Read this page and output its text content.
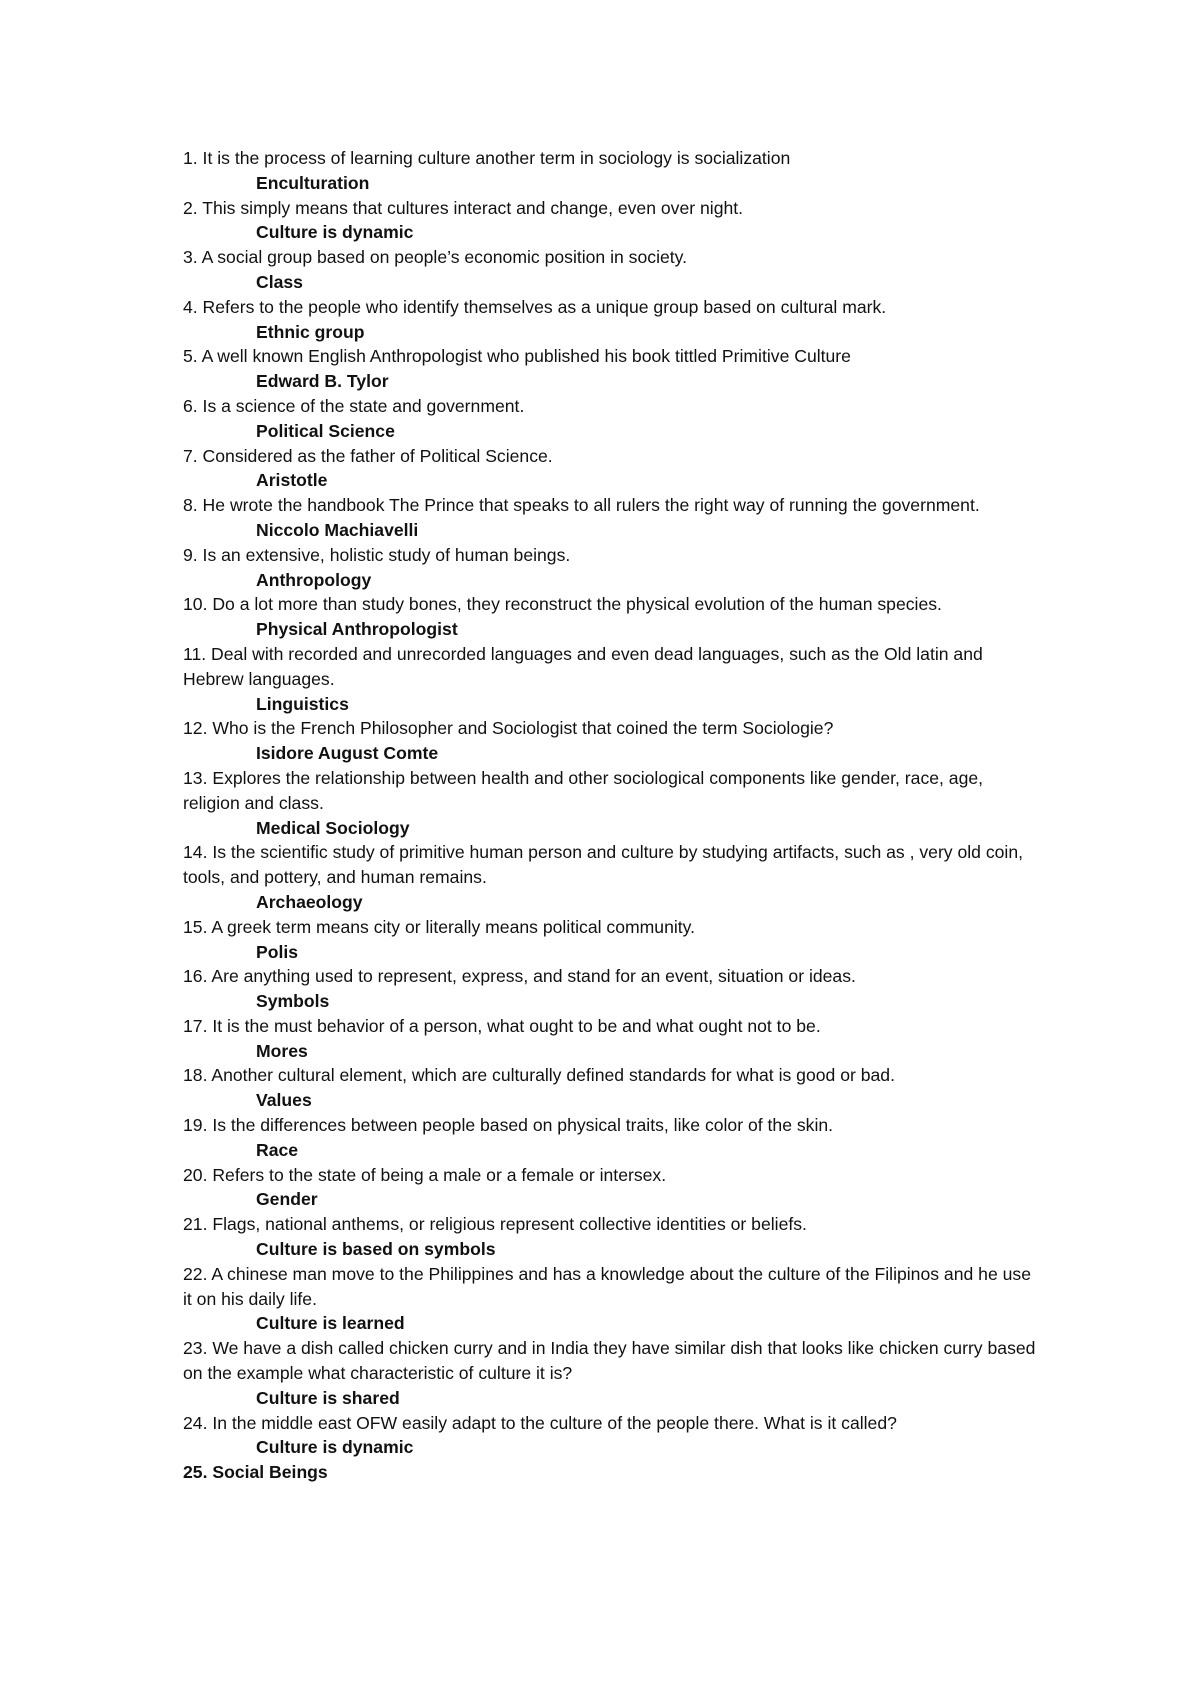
1. It is the process of learning culture another term in sociology is socialization

Enculturation

2. This simply means that cultures interact and change, even over night.

Culture is dynamic

3. A social group based on people’s economic position in society.

Class

4. Refers to the people who identify themselves as a unique group based on cultural mark.

Ethnic group

5. A well known English Anthropologist who published his book tittled Primitive Culture

Edward B. Tylor

6. Is a science of the state and government.

Political Science

7. Considered as the father of Political Science.

Aristotle

8. He wrote the handbook The Prince that speaks to all rulers the right way of running the government.

Niccolo Machiavelli

9. Is an extensive, holistic study of human beings.

Anthropology

10. Do a lot more than study bones, they reconstruct the physical evolution of the human species.

Physical Anthropologist

11. Deal with recorded and unrecorded languages and even dead languages, such as the Old latin and Hebrew languages.

Linguistics

12. Who is the French Philosopher and Sociologist that coined the term Sociologie?

Isidore August Comte

13. Explores the relationship between health and other sociological components like gender, race, age, religion and class.

Medical Sociology

14. Is the scientific study of primitive human person and culture by studying artifacts, such as , very old coin, tools, and pottery, and human remains.

Archaeology

15. A greek term means city or literally means political community.

Polis

16. Are anything used to represent, express, and stand for an event, situation or ideas.

Symbols

17. It is the must behavior of a person, what ought to be and what ought not to be.

Mores

18. Another cultural element, which are culturally defined standards for what is good or bad.

Values

19. Is the differences between people based on physical traits, like color of the skin.

Race

20. Refers to the state of being a male or a female or intersex.

Gender

21. Flags, national anthems, or religious represent collective identities or beliefs.

Culture is based on symbols

22. A chinese man move to the Philippines and has a knowledge about the culture of the Filipinos and he use it on his daily life.

Culture is learned

23. We have a dish called chicken curry and in India they have similar dish that looks like chicken curry based on the example what characteristic of culture it is?

Culture is shared

24. In the middle east OFW easily adapt to the culture of the people there. What is it called?

Culture is dynamic

25. Social Beings
